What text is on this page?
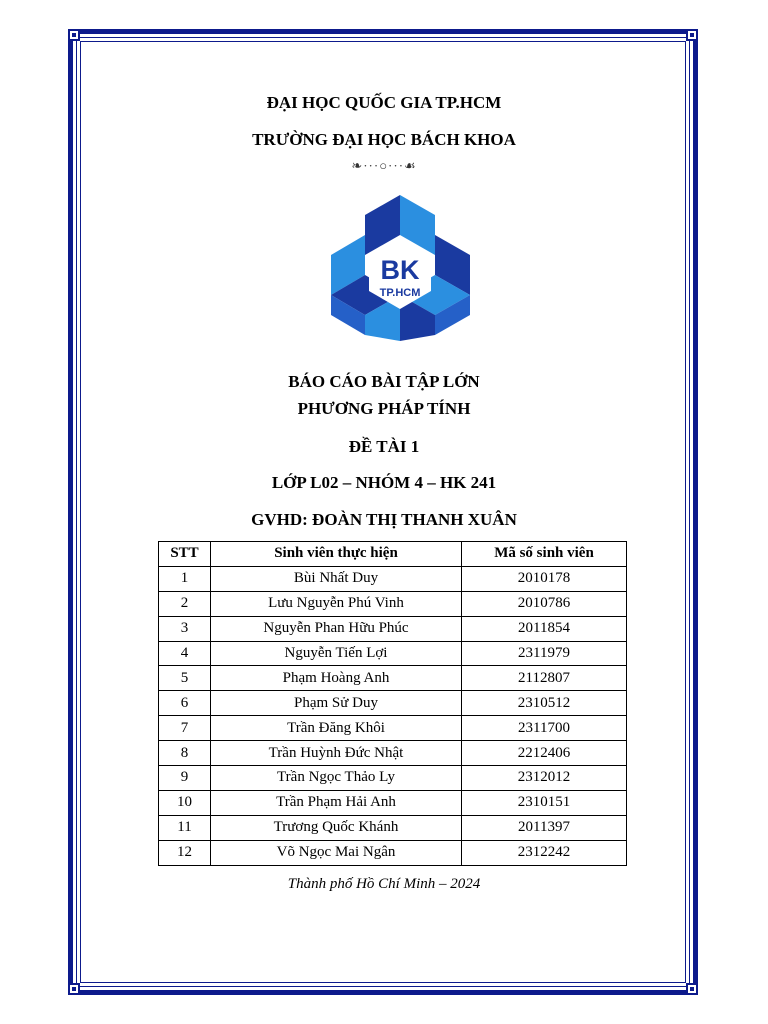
ĐẠI HỌC QUỐC GIA TP.HCM
TRƯỜNG ĐẠI HỌC BÁCH KHOA
❧···○···☙
BK
TP.HCM
BÁO CÁO BÀI TẬP LỚN
PHƯƠNG PHÁP TÍNH
ĐỀ TÀI 1
LỚP L02 – NHÓM 4 – HK 241
GVHD: ĐOÀN THỊ THANH XUÂN
STT	Sinh viên thực hiện	Mã số sinh viên
1	Bùi Nhất Duy	2010178
2	Lưu Nguyễn Phú Vinh	2010786
3	Nguyễn Phan Hữu Phúc	2011854
4	Nguyễn Tiến Lợi	2311979
5	Phạm Hoàng Anh	2112807
6	Phạm Sử Duy	2310512
7	Trần Đăng Khôi	2311700
8	Trần Huỳnh Đức Nhật	2212406
9	Trần Ngọc Thảo Ly	2312012
10	Trần Phạm Hải Anh	2310151
11	Trương Quốc Khánh	2011397
12	Võ Ngọc Mai Ngân	2312242
Thành phố Hồ Chí Minh – 2024
